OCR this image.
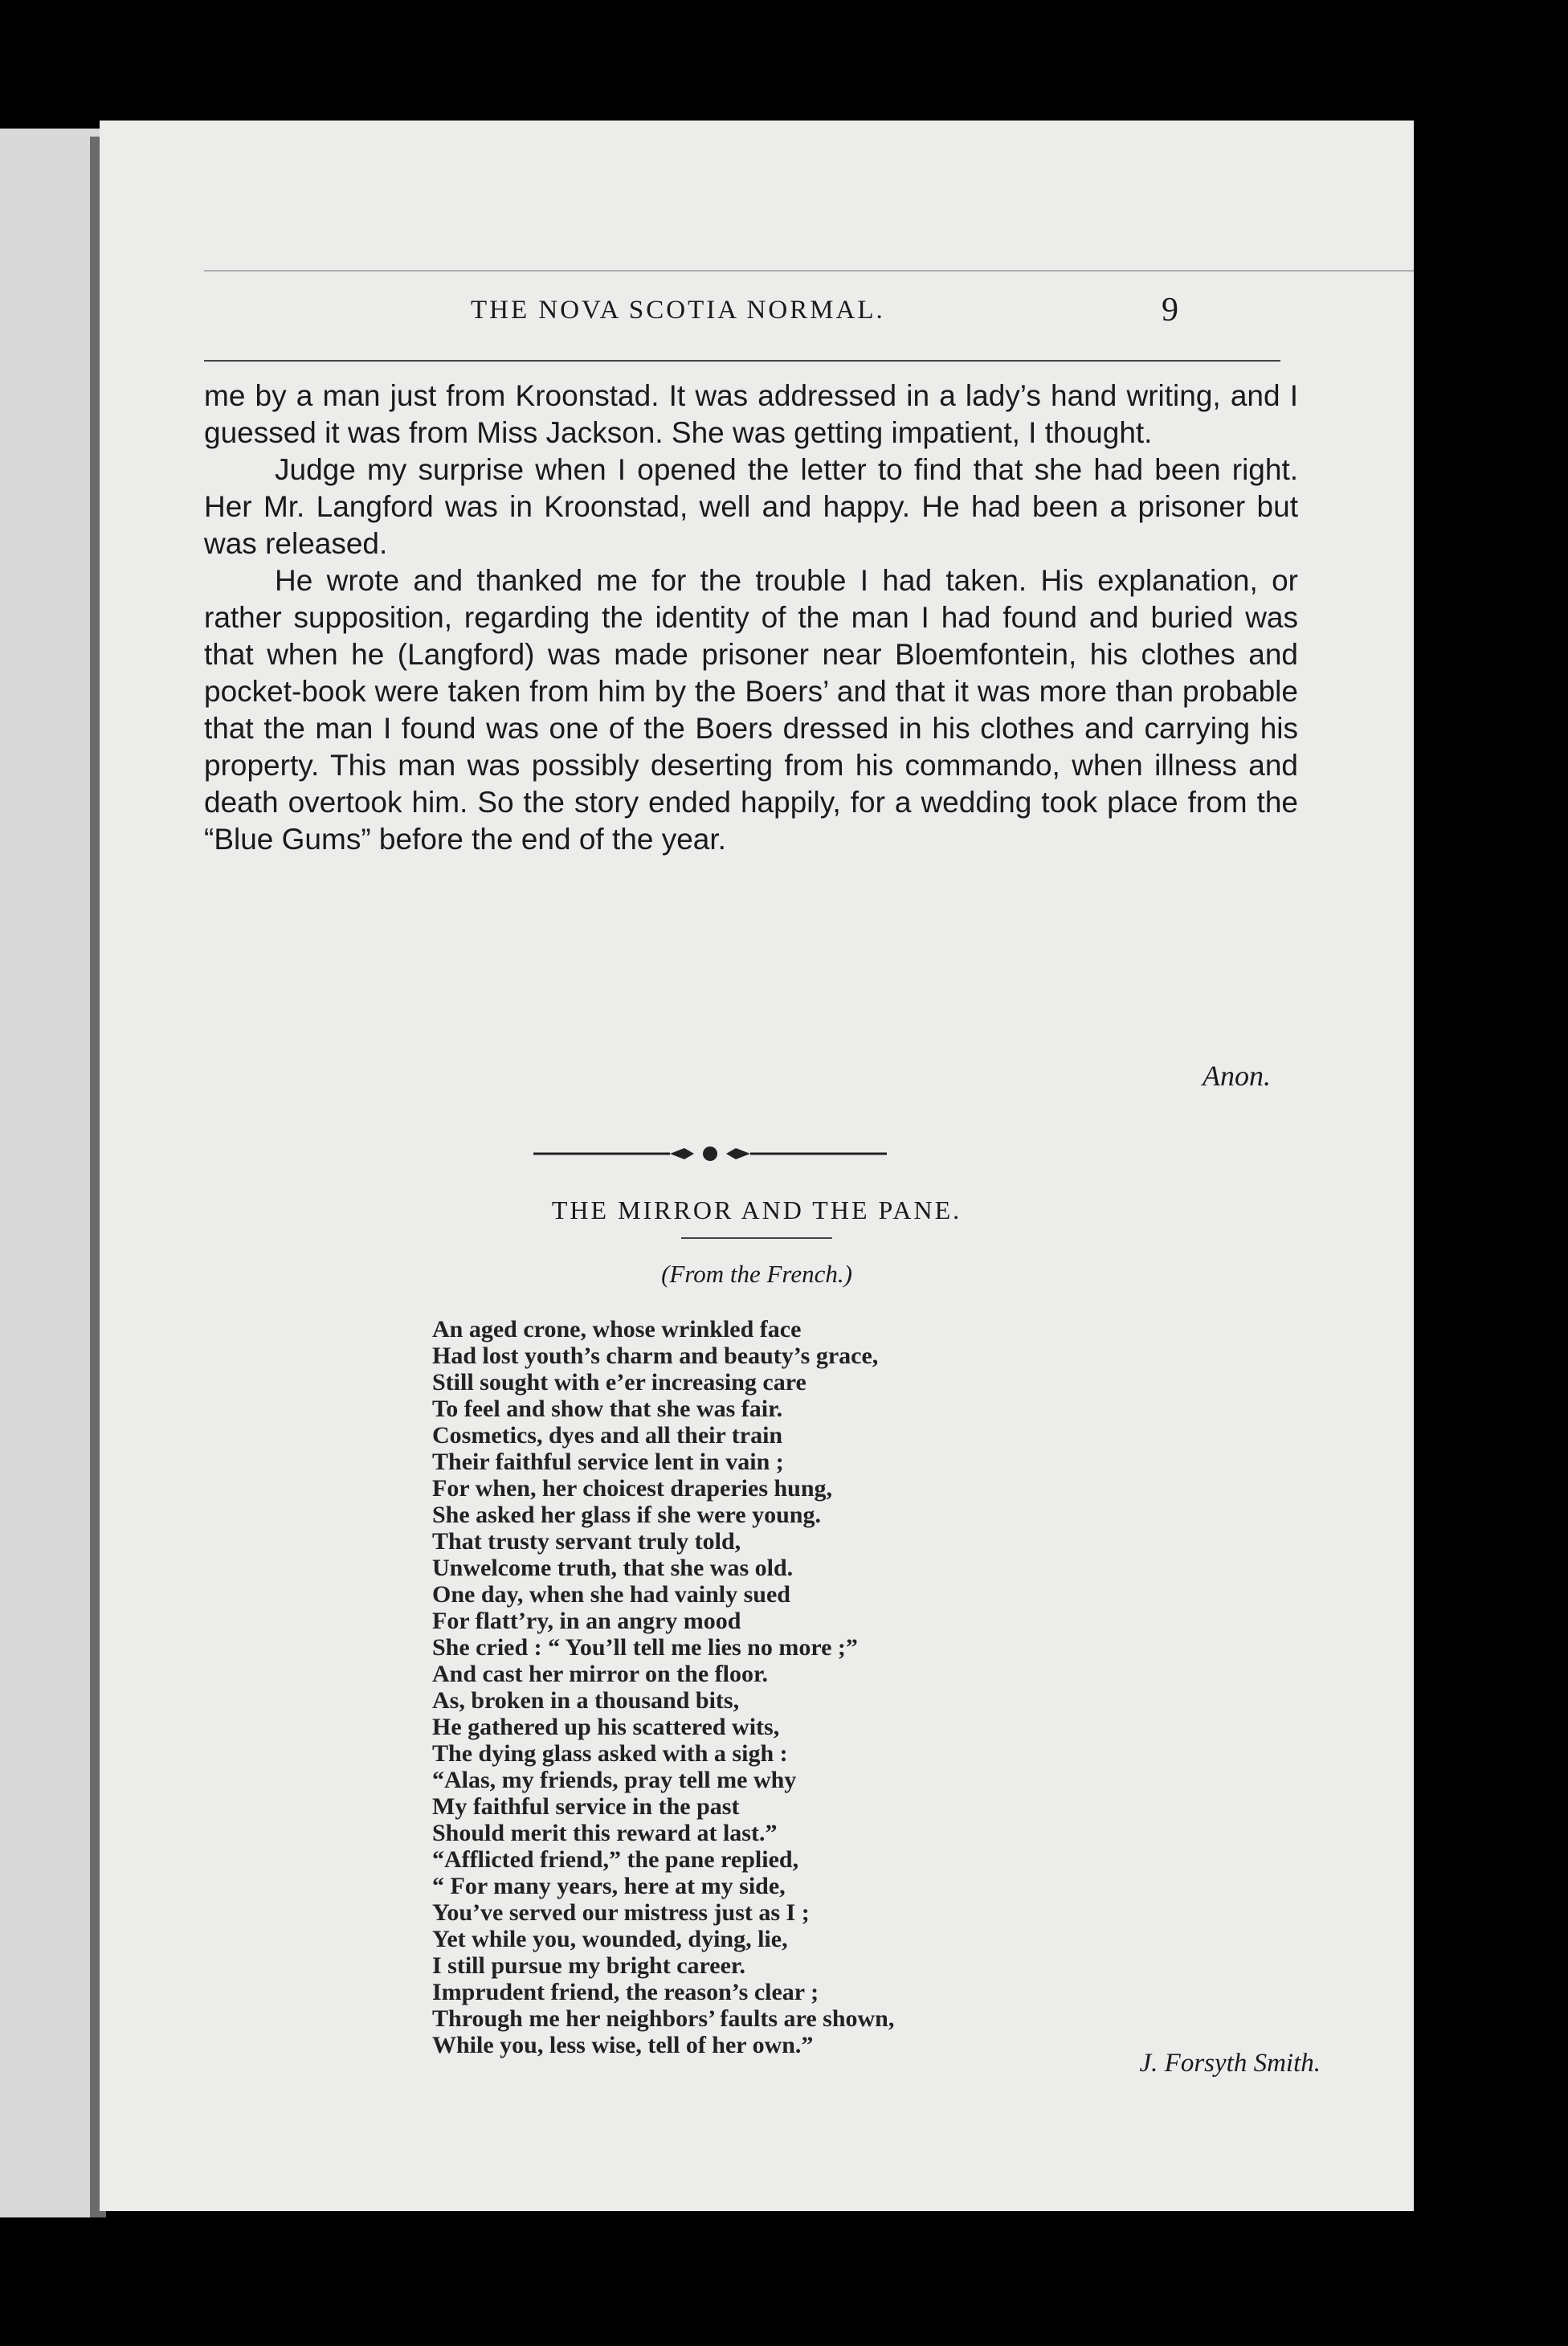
THE NOVA SCOTIA NORMAL.	9

me by a man just from Kroonstad. It was addressed in a lady’s hand writing, and I guessed it was from Miss Jackson. She was getting impatient, I thought.

Judge my surprise when I opened the letter to find that she had been right. Her Mr. Langford was in Kroonstad, well and happy. He had been a prisoner but was released.

He wrote and thanked me for the trouble I had taken. His explanation, or rather supposition, regarding the identity of the man I had found and buried was that when he (Langford) was made prisoner near Bloemfontein, his clothes and pocket-book were taken from him by the Boers’ and that it was more than probable that the man I found was one of the Boers dressed in his clothes and carrying his property. This man was possibly deserting from his commando, when illness and death overtook him. So the story ended happily, for a wedding took place from the “Blue Gums” before the end of the year.

Anon.
THE MIRROR AND THE PANE.
(From the French.)
An aged crone, whose wrinkled face
Had lost youth’s charm and beauty’s grace,
Still sought with e’er increasing care
To feel and show that she was fair.
Cosmetics, dyes and all their train
Their faithful service lent in vain ;
For when, her choicest draperies hung,
She asked her glass if she were young.
That trusty servant truly told,
Unwelcome truth, that she was old.
One day, when she had vainly sued
For flatt’ry, in an angry mood
She cried : “ You’ll tell me lies no more ;”
And cast her mirror on the floor.
As, broken in a thousand bits,
He gathered up his scattered wits,
The dying glass asked with a sigh :
“Alas, my friends, pray tell me why
My faithful service in the past
Should merit this reward at last.”
“Afflicted friend,” the pane replied,
“ For many years, here at my side,
You’ve served our mistress just as I ;
Yet while you, wounded, dying, lie,
I still pursue my bright career.
Imprudent friend, the reason’s clear ;
Through me her neighbors’ faults are shown,
While you, less wise, tell of her own.”
J. Forsyth Smith.
